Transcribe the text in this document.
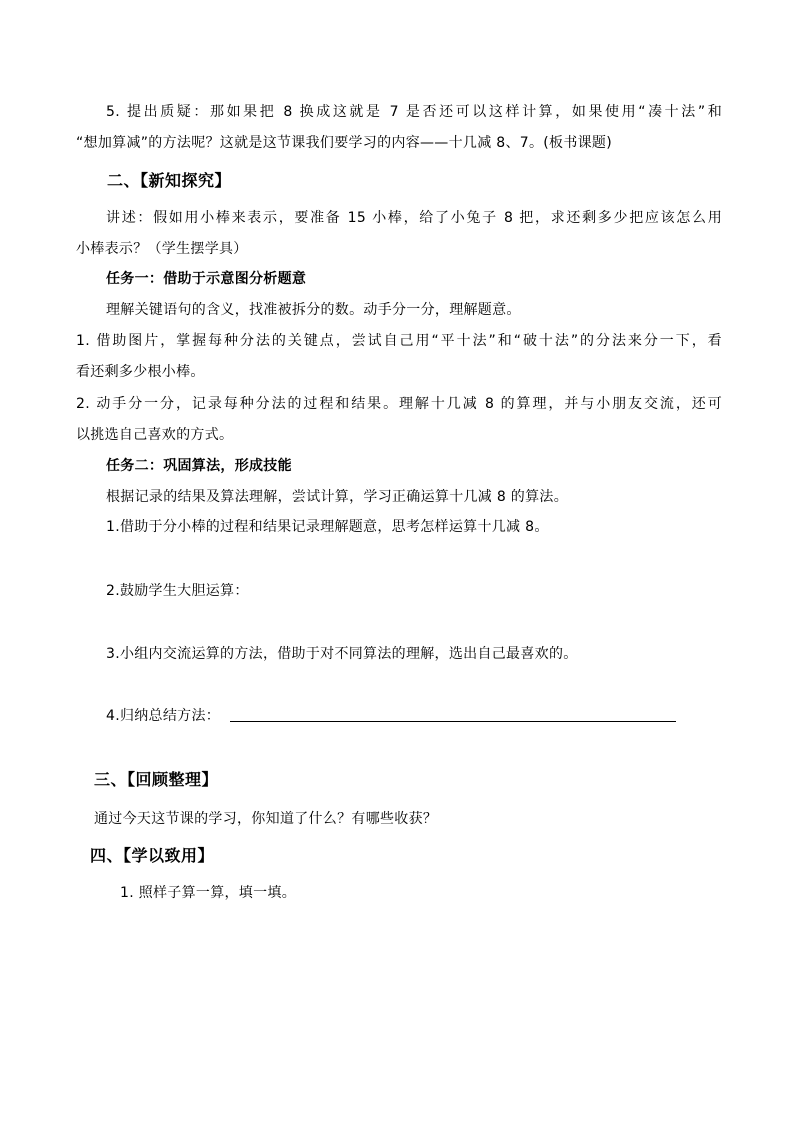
5. 提出质疑：那如果把 8 换成这就是 7 是否还可以这样计算，如果使用“凑十法”和
“想加算减”的方法呢？这就是这节课我们要学习的内容——十几减 8、7。(板书课题)
二、【新知探究】
讲述：假如用小棒来表示，要准备 15 小棒，给了小兔子 8 把，求还剩多少把应该怎么用
小棒表示？（学生摆学具）
任务一：借助于示意图分析题意
理解关键语句的含义，找准被拆分的数。动手分一分，理解题意。
1. 借助图片，掌握每种分法的关键点，尝试自己用“平十法”和“破十法”的分法来分一下，看
看还剩多少根小棒。
2. 动手分一分，记录每种分法的过程和结果。理解十几减 8 的算理，并与小朋友交流，还可
以挑选自己喜欢的方式。
任务二：巩固算法，形成技能
根据记录的结果及算法理解，尝试计算，学习正确运算十几减 8 的算法。
1.借助于分小棒的过程和结果记录理解题意，思考怎样运算十几减 8。
2.鼓励学生大胆运算：
3.小组内交流运算的方法，借助于对不同算法的理解，选出自己最喜欢的。
4.归纳总结方法：
三、【回顾整理】
通过今天这节课的学习，你知道了什么？有哪些收获？
四、【学以致用】
1. 照样子算一算，填一填。
